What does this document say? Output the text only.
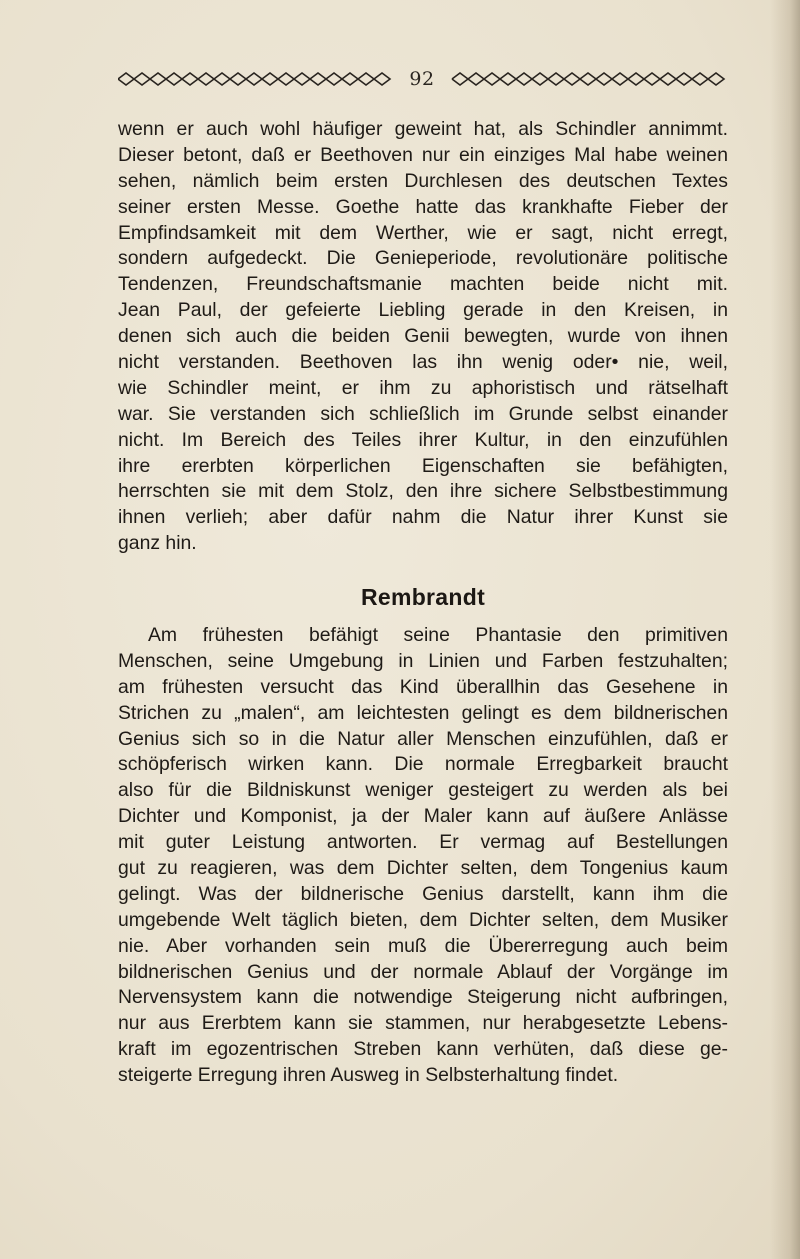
92
wenn er auch wohl häufiger geweint hat, als Schindler annimmt.
Dieser betont, daß er Beethoven nur ein einziges Mal habe weinen
sehen, nämlich beim ersten Durchlesen des deutschen Textes
seiner ersten Messe. Goethe hatte das krankhafte Fieber der
Empfindsamkeit mit dem Werther, wie er sagt, nicht erregt,
sondern aufgedeckt. Die Genieperiode, revolutionäre politische
Tendenzen, Freundschaftsmanie machten beide nicht mit.
Jean Paul, der gefeierte Liebling gerade in den Kreisen, in
denen sich auch die beiden Genii bewegten, wurde von ihnen
nicht verstanden. Beethoven las ihn wenig oder• nie, weil,
wie Schindler meint, er ihm zu aphoristisch und rätselhaft
war. Sie verstanden sich schließlich im Grunde selbst einander
nicht. Im Bereich des Teiles ihrer Kultur, in den einzufühlen
ihre ererbten körperlichen Eigenschaften sie befähigten,
herrschten sie mit dem Stolz, den ihre sichere Selbstbestimmung
ihnen verlieh; aber dafür nahm die Natur ihrer Kunst sie
ganz hin.
Rembrandt
Am frühesten befähigt seine Phantasie den primitiven
Menschen, seine Umgebung in Linien und Farben festzuhalten;
am frühesten versucht das Kind überallhin das Gesehene in
Strichen zu „malen“, am leichtesten gelingt es dem bildnerischen
Genius sich so in die Natur aller Menschen einzufühlen, daß er
schöpferisch wirken kann. Die normale Erregbarkeit braucht
also für die Bildniskunst weniger gesteigert zu werden als bei
Dichter und Komponist, ja der Maler kann auf äußere Anlässe
mit guter Leistung antworten. Er vermag auf Bestellungen
gut zu reagieren, was dem Dichter selten, dem Tongenius kaum
gelingt. Was der bildnerische Genius darstellt, kann ihm die
umgebende Welt täglich bieten, dem Dichter selten, dem Musiker
nie. Aber vorhanden sein muß die Übererregung auch beim
bildnerischen Genius und der normale Ablauf der Vorgänge im
Nervensystem kann die notwendige Steigerung nicht aufbringen,
nur aus Ererbtem kann sie stammen, nur herabgesetzte Lebens-
kraft im egozentrischen Streben kann verhüten, daß diese ge-
steigerte Erregung ihren Ausweg in Selbsterhaltung findet.
